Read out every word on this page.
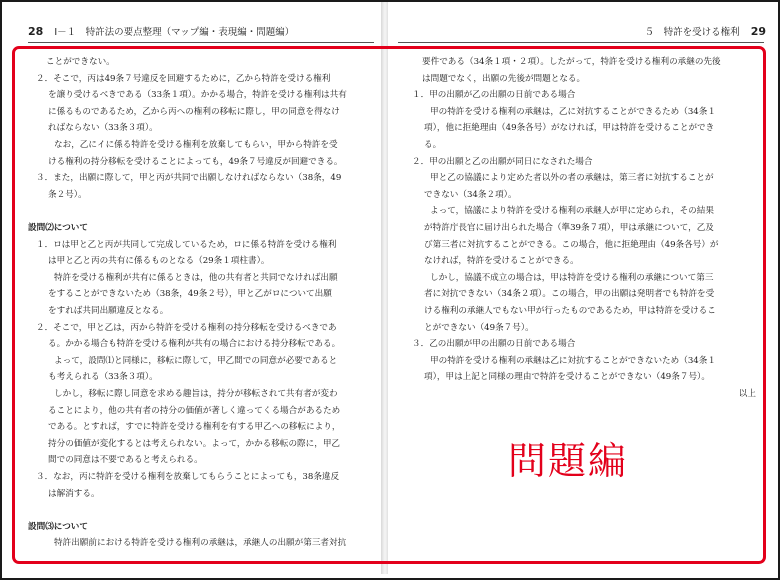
28 Ⅰ－１　特許法の要点整理（マップ編・表現編・問題編）
ことができない。
２．そこで，丙は49条７号違反を回避するために，乙から特許を受ける権利
を譲り受けるべきである（33条１項）。かかる場合，特許を受ける権利は共有
に係るものであるため，乙から丙への権利の移転に際し，甲の同意を得なけ
ればならない（33条３項）。
なお，乙にイに係る特許を受ける権利を放棄してもらい，甲から特許を受
ける権利の持分移転を受けることによっても，49条７号違反が回避できる。
３．また，出願に際して，甲と丙が共同で出願しなければならない（38条，49
条２号）。
設問⑵について
１．ロは甲と乙と丙が共同して完成しているため，ロに係る特許を受ける権利
は甲と乙と丙の共有に係るものとなる（29条１項柱書）。
特許を受ける権利が共有に係るときは，他の共有者と共同でなければ出願
をすることができないため（38条，49条２号），甲と乙がロについて出願
をすれば共同出願違反となる。
２．そこで，甲と乙は，丙から特許を受ける権利の持分移転を受けるべきであ
る。かかる場合も特許を受ける権利が共有の場合における持分移転である。
よって，設問⑴と同様に，移転に際して，甲乙間での同意が必要であると
も考えられる（33条３項）。
しかし，移転に際し同意を求める趣旨は，持分が移転されて共有者が変わ
ることにより，他の共有者の持分の価値が著しく違ってくる場合があるため
である。とすれば，すでに特許を受ける権利を有する甲乙への移転により，
持分の価値が変化するとは考えられない。よって，かかる移転の際に，甲乙
間での同意は不要であると考えられる。
３．なお，丙に特許を受ける権利を放棄してもらうことによっても，38条違反
は解消する。
設問⑶について
特許出願前における特許を受ける権利の承継は，承継人の出願が第三者対抗
５　特許を受ける権利 29
要件である（34条１項・２項）。したがって，特許を受ける権利の承継の先後
は問題でなく，出願の先後が問題となる。
１．甲の出願が乙の出願の日前である場合
甲の特許を受ける権利の承継は，乙に対抗することができるため（34条１
項），他に拒絶理由（49条各号）がなければ，甲は特許を受けることができ
る。
２．甲の出願と乙の出願が同日になされた場合
甲と乙の協議により定めた者以外の者の承継は，第三者に対抗することが
できない（34条２項）。
よって，協議により特許を受ける権利の承継人が甲に定められ，その結果
が特許庁長官に届け出られた場合（準39条７項），甲は承継について，乙及
び第三者に対抗することができる。この場合，他に拒絶理由（49条各号）が
なければ，特許を受けることができる。
しかし，協議不成立の場合は，甲は特許を受ける権利の承継について第三
者に対抗できない（34条２項）。この場合，甲の出願は発明者でも特許を受
ける権利の承継人でもない甲が行ったものであるため，甲は特許を受けるこ
とができない（49条７号）。
３．乙の出願が甲の出願の日前である場合
甲の特許を受ける権利の承継は乙に対抗することができないため（34条１
項），甲は上記と同様の理由で特許を受けることができない（49条７号）。
以上
問題編
